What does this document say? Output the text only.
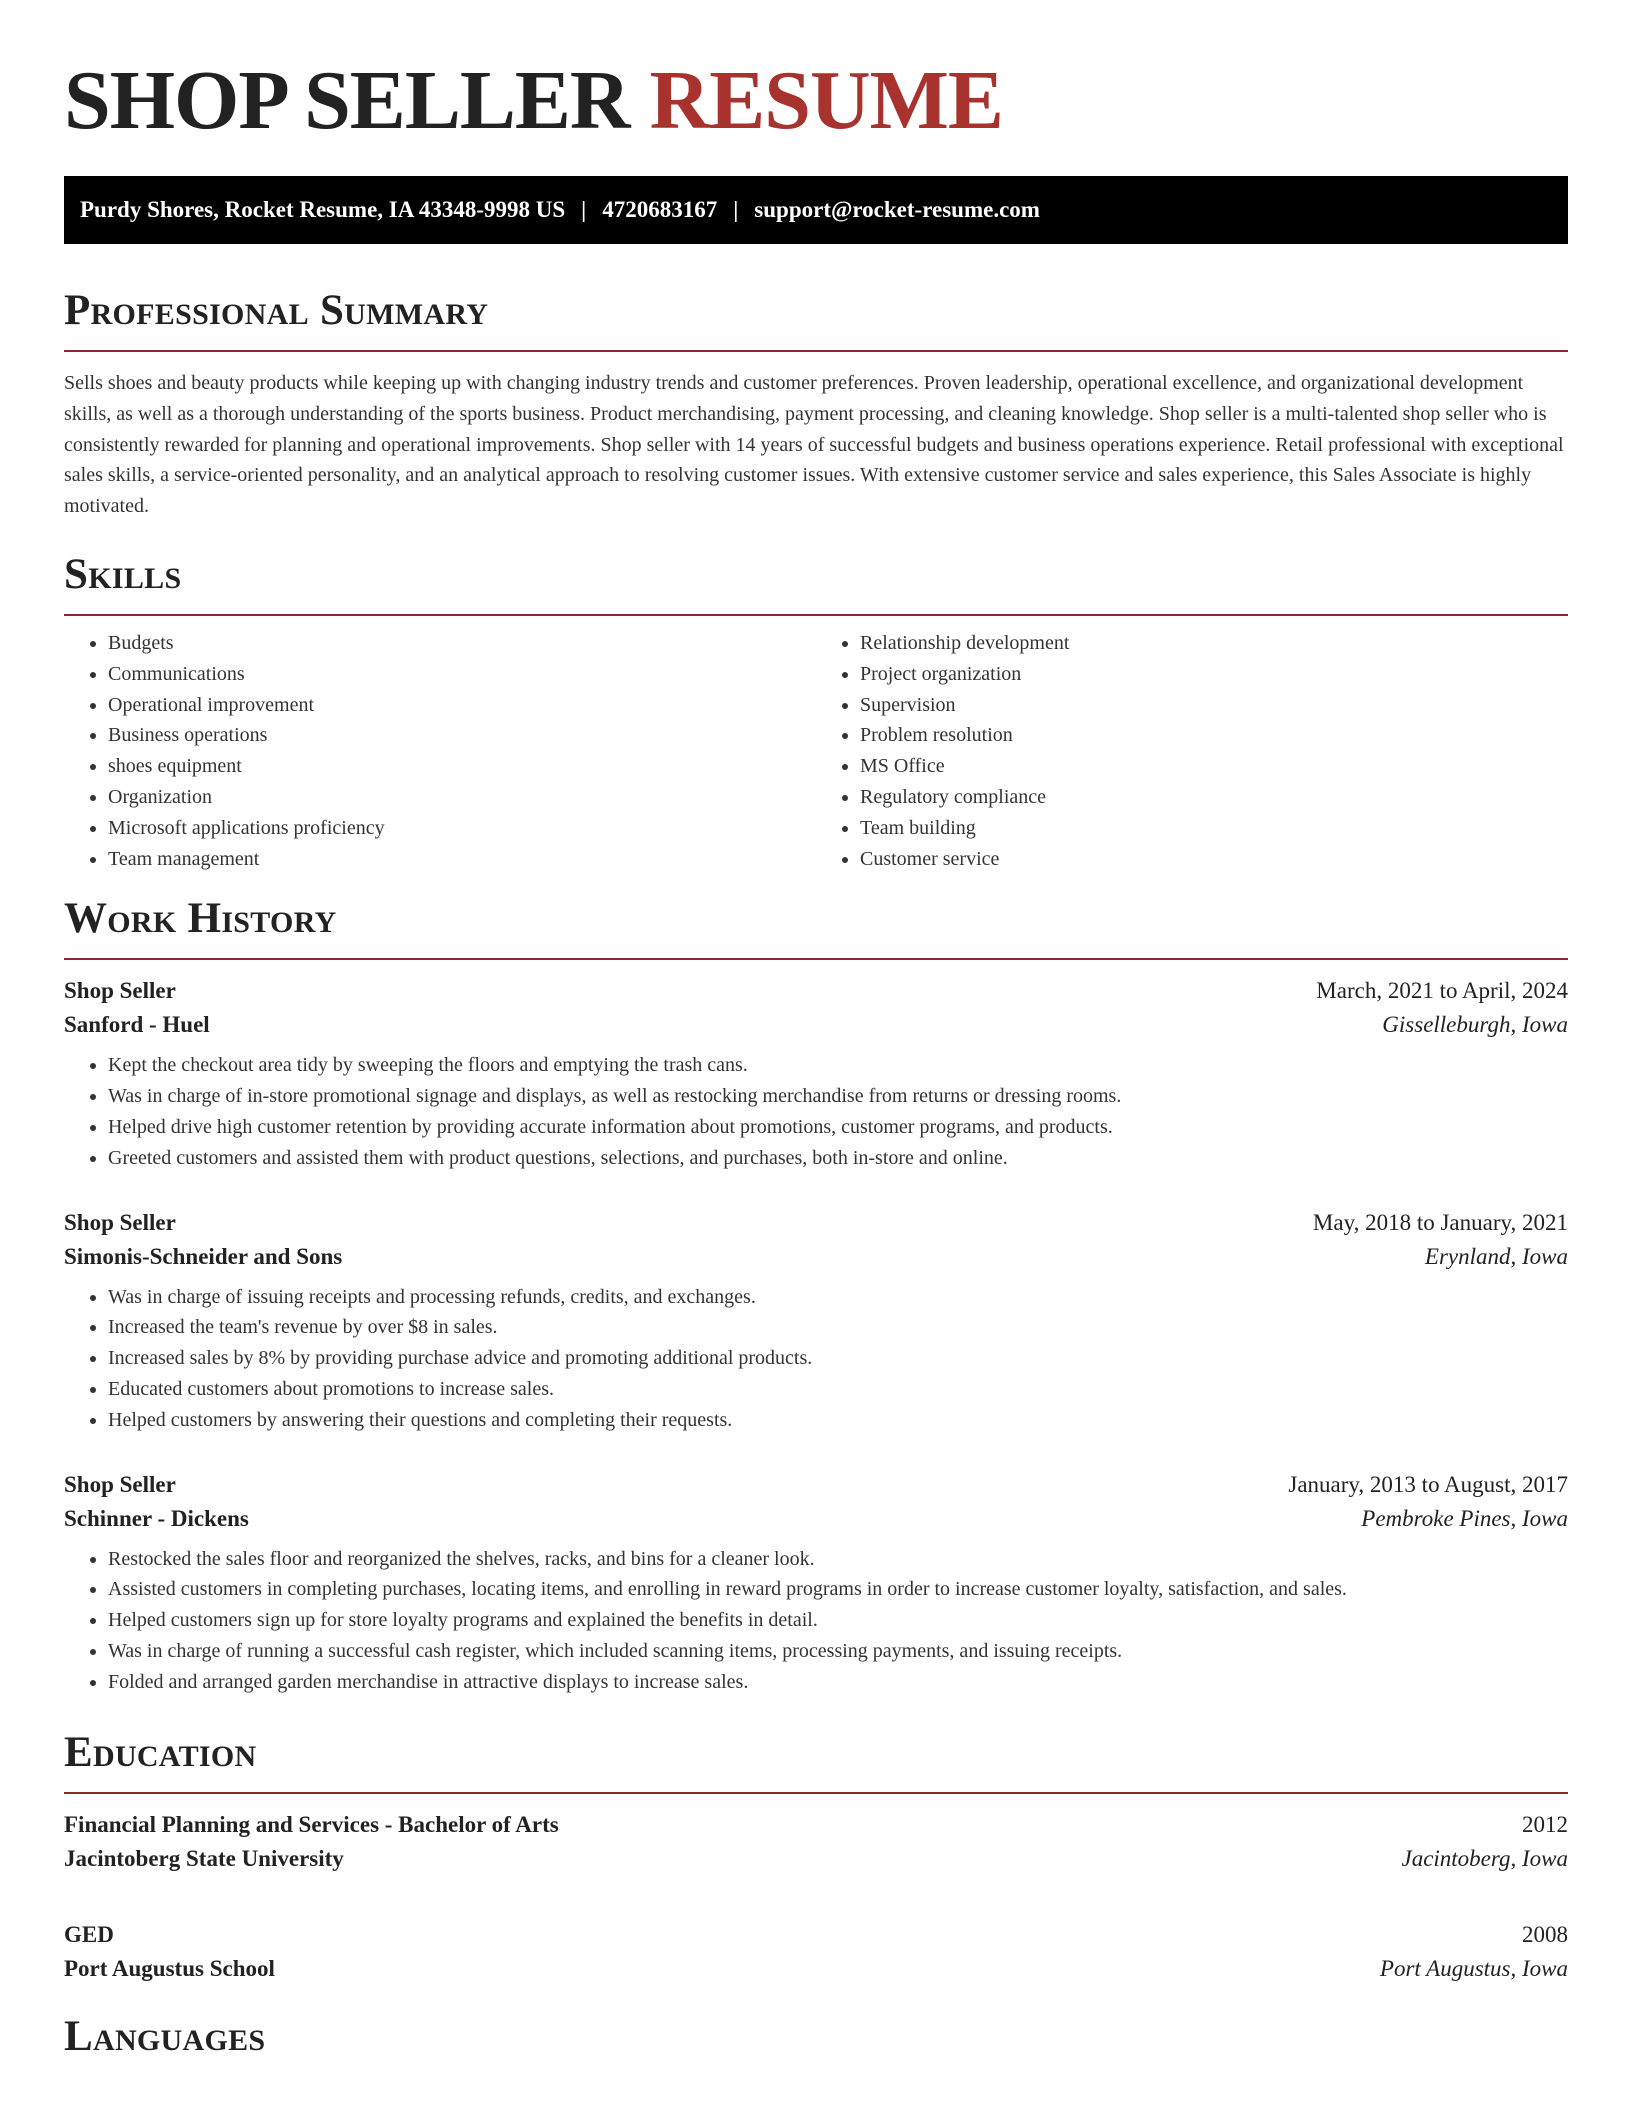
SHOP SELLER RESUME
Purdy Shores, Rocket Resume, IA 43348-9998 US | 4720683167 | support@rocket-resume.com
Professional Summary

Sells shoes and beauty products while keeping up with changing industry trends and customer preferences. Proven leadership, operational excellence, and organizational development skills, as well as a thorough understanding of the sports business. Product merchandising, payment processing, and cleaning knowledge. Shop seller is a multi-talented shop seller who is consistently rewarded for planning and operational improvements. Shop seller with 14 years of successful budgets and business operations experience. Retail professional with exceptional sales skills, a service-oriented personality, and an analytical approach to resolving customer issues. With extensive customer service and sales experience, this Sales Associate is highly motivated.

Skills
• Budgets
• Communications
• Operational improvement
• Business operations
• shoes equipment
• Organization
• Microsoft applications proficiency
• Team management
• Relationship development
• Project organization
• Supervision
• Problem resolution
• MS Office
• Regulatory compliance
• Team building
• Customer service
Work History
Shop Seller	March, 2021 to April, 2024
Sanford - Huel	Gisselleburgh, Iowa
• Kept the checkout area tidy by sweeping the floors and emptying the trash cans.
• Was in charge of in-store promotional signage and displays, as well as restocking merchandise from returns or dressing rooms.
• Helped drive high customer retention by providing accurate information about promotions, customer programs, and products.
• Greeted customers and assisted them with product questions, selections, and purchases, both in-store and online.
Shop Seller	May, 2018 to January, 2021
Simonis-Schneider and Sons	Erynland, Iowa
• Was in charge of issuing receipts and processing refunds, credits, and exchanges.
• Increased the team's revenue by over $8 in sales.
• Increased sales by 8% by providing purchase advice and promoting additional products.
• Educated customers about promotions to increase sales.
• Helped customers by answering their questions and completing their requests.
Shop Seller	January, 2013 to August, 2017
Schinner - Dickens	Pembroke Pines, Iowa
• Restocked the sales floor and reorganized the shelves, racks, and bins for a cleaner look.
• Assisted customers in completing purchases, locating items, and enrolling in reward programs in order to increase customer loyalty, satisfaction, and sales.
• Helped customers sign up for store loyalty programs and explained the benefits in detail.
• Was in charge of running a successful cash register, which included scanning items, processing payments, and issuing receipts.
• Folded and arranged garden merchandise in attractive displays to increase sales.
Education
Financial Planning and Services - Bachelor of Arts	2012
Jacintoberg State University	Jacintoberg, Iowa
GED	2008
Port Augustus School	Port Augustus, Iowa
Languages
